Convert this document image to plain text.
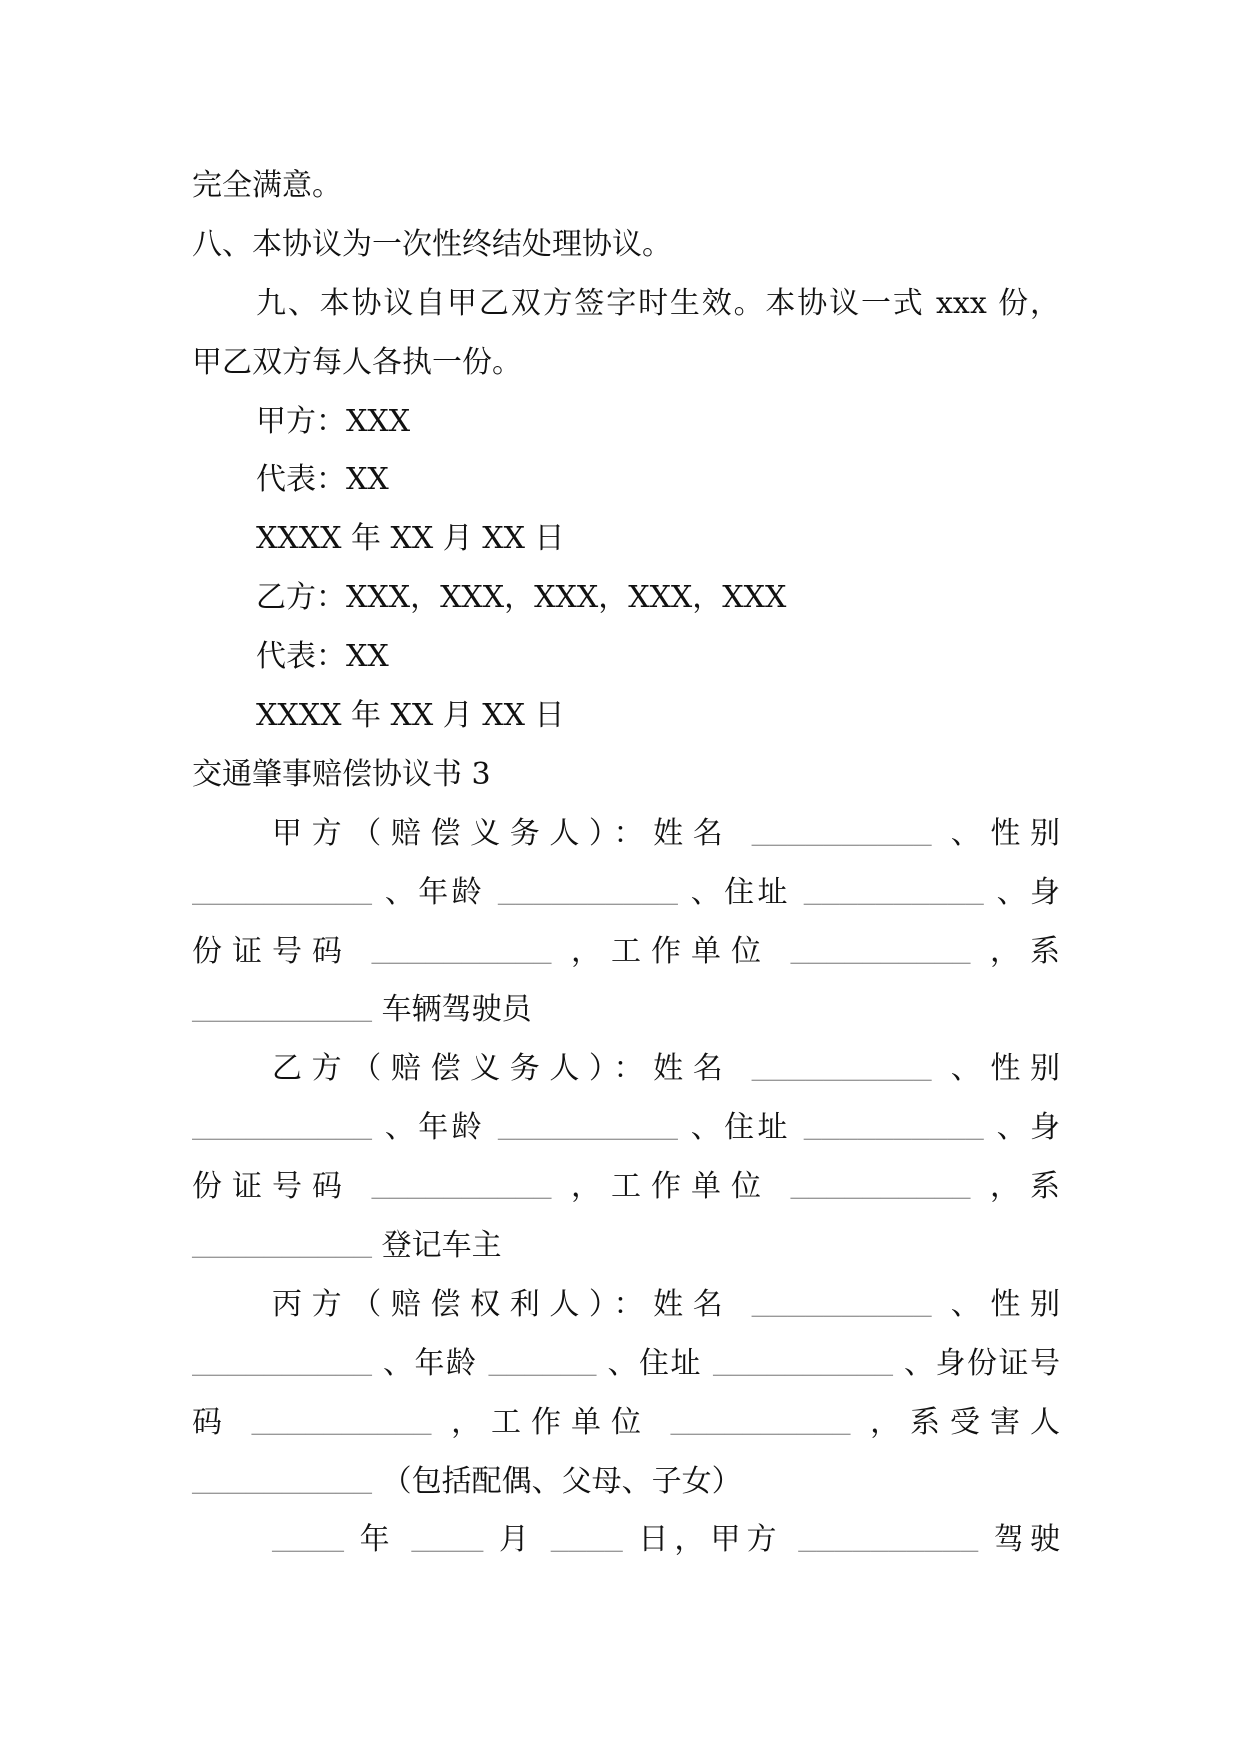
完全满意。
八、本协议为一次性终结处理协议。
九、本协议自甲乙双方签字时生效。本协议一式 xxx 份，
甲乙双方每人各执一份。
甲方：XXX
代表：XX
XXXX 年 XX 月 XX 日
乙方：XXX，XXX，XXX，XXX，XXX
代表：XX
XXXX 年 XX 月 XX 日
交通肇事赔偿协议书 3
甲方（赔偿义务人）：姓名 __________ 、性别
__________ 、年龄 __________ 、住址 __________ 、身
份证号码 __________ ，工作单位 __________ ，系
__________ 车辆驾驶员
乙方（赔偿义务人）：姓名 __________ 、性别
__________ 、年龄 __________ 、住址 __________ 、身
份证号码 __________ ，工作单位 __________ ，系
__________ 登记车主
丙方（赔偿权利人）：姓名 __________ 、性别
__________ 、年龄 ______ 、住址 __________ 、身份证号
码 __________ ，工作单位 __________ ，系受害人
__________ （包括配偶、父母、子女）
____ 年 ____ 月 ____ 日，甲方 __________ 驾驶
